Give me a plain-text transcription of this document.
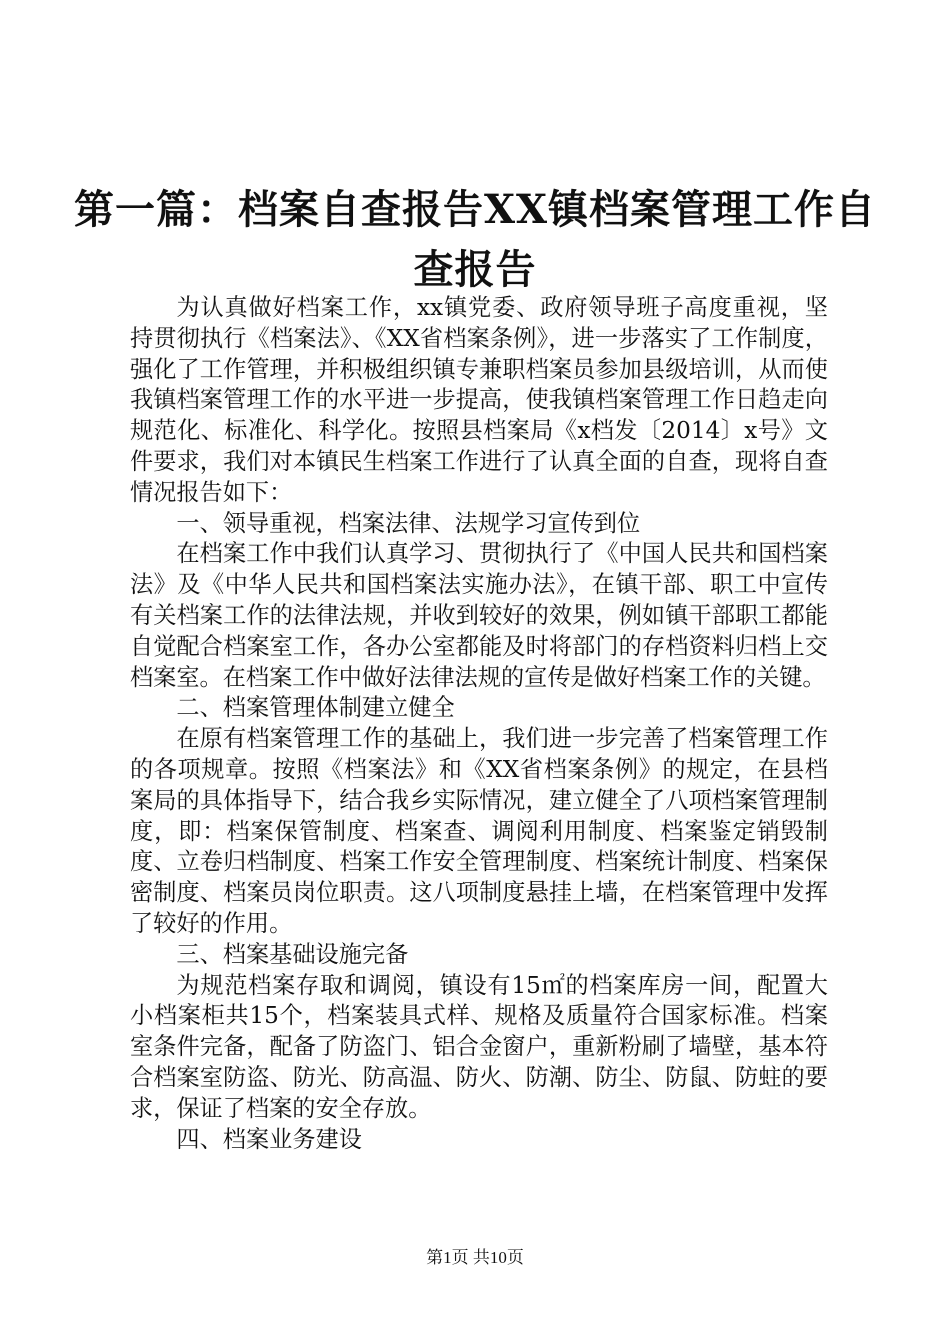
第一篇：档案自查报告XX镇档案管理工作自
查报告

为认真做好档案工作，xx镇党委、政府领导班子高度重视，坚持贯彻执行《档案法》、《XX省档案条例》，进一步落实了工作制度，强化了工作管理，并积极组织镇专兼职档案员参加县级培训，从而使我镇档案管理工作的水平进一步提高，使我镇档案管理工作日趋走向规范化、标准化、科学化。按照县档案局《x档发〔2014〕x号》文件要求，我们对本镇民生档案工作进行了认真全面的自查，现将自查情况报告如下：

一、领导重视，档案法律、法规学习宣传到位

在档案工作中我们认真学习、贯彻执行了《中国人民共和国档案法》及《中华人民共和国档案法实施办法》，在镇干部、职工中宣传有关档案工作的法律法规，并收到较好的效果，例如镇干部职工都能自觉配合档案室工作，各办公室都能及时将部门的存档资料归档上交档案室。在档案工作中做好法律法规的宣传是做好档案工作的关键。

二、档案管理体制建立健全

在原有档案管理工作的基础上，我们进一步完善了档案管理工作的各项规章。按照《档案法》和《XX省档案条例》的规定，在县档案局的具体指导下，结合我乡实际情况，建立健全了八项档案管理制度，即：档案保管制度、档案查、调阅利用制度、档案鉴定销毁制度、立卷归档制度、档案工作安全管理制度、档案统计制度、档案保密制度、档案员岗位职责。这八项制度悬挂上墙，在档案管理中发挥了较好的作用。

三、档案基础设施完备

为规范档案存取和调阅，镇设有15㎡的档案库房一间，配置大小档案柜共15个，档案装具式样、规格及质量符合国家标准。档案室条件完备，配备了防盗门、铝合金窗户，重新粉刷了墙壁，基本符合档案室防盗、防光、防高温、防火、防潮、防尘、防鼠、防蛀的要求，保证了档案的安全存放。

四、档案业务建设

第1页 共10页
